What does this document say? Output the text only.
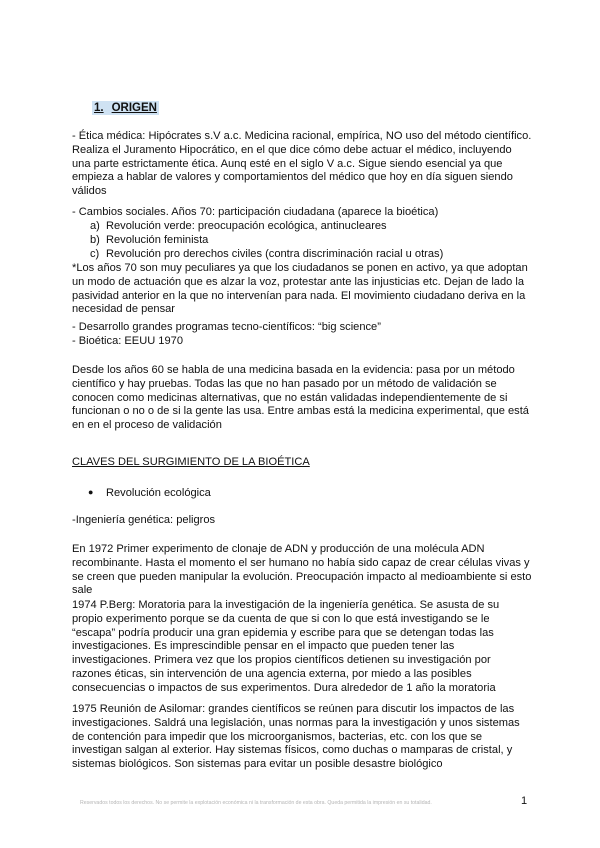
1. ORIGEN

- Ética médica: Hipócrates s.V a.c. Medicina racional, empírica, NO uso del método científico. Realiza el Juramento Hipocrático, en el que dice cómo debe actuar el médico, incluyendo una parte estrictamente ética. Aunq esté en el siglo V a.c. Sigue siendo esencial ya que empieza a hablar de valores y comportamientos del médico que hoy en día siguen siendo válidos

- Cambios sociales. Años 70: participación ciudadana (aparece la bioética)

a) Revolución verde: preocupación ecológica, antinucleares
b) Revolución feminista
c) Revolución pro derechos civiles (contra discriminación racial u otras)

*Los años 70 son muy peculiares ya que los ciudadanos se ponen en activo, ya que adoptan un modo de actuación que es alzar la voz, protestar ante las injusticias etc. Dejan de lado la pasividad anterior en la que no intervenían para nada. El movimiento ciudadano deriva en la necesidad de pensar

- Desarrollo grandes programas tecno-científicos: “big science”

- Bioética: EEUU 1970

Desde los años 60 se habla de una medicina basada en la evidencia: pasa por un método científico y hay pruebas. Todas las que no han pasado por un método de validación se conocen como medicinas alternativas, que no están validadas independientemente de si funcionan o no o de si la gente las usa. Entre ambas está la medicina experimental, que está en en el proceso de validación

CLAVES DEL SURGIMIENTO DE LA BIOÉTICA
● Revolución ecológica

-Ingeniería genética: peligros

En 1972 Primer experimento de clonaje de ADN y producción de una molécula ADN recombinante. Hasta el momento el ser humano no había sido capaz de crear células vivas y se creen que pueden manipular la evolución. Preocupación impacto al medioambiente si esto sale

1974 P.Berg: Moratoria para la investigación de la ingeniería genética. Se asusta de su propio experimento porque se da cuenta de que si con lo que está investigando se le “escapa” podría producir una gran epidemia y escribe para que se detengan todas las investigaciones. Es imprescindible pensar en el impacto que pueden tener las investigaciones. Primera vez que los propios científicos detienen su investigación por razones éticas, sin intervención de una agencia externa, por miedo a las posibles consecuencias o impactos de sus experimentos. Dura alrededor de 1 año la moratoria

1975 Reunión de Asilomar: grandes científicos se reúnen para discutir los impactos de las investigaciones. Saldrá una legislación, unas normas para la investigación y unos sistemas de contención para impedir que los microorganismos, bacterias, etc. con los que se investigan salgan al exterior. Hay sistemas físicos, como duchas o mamparas de cristal, y sistemas biológicos. Son sistemas para evitar un posible desastre biológico

Reservados todos los derechos. No se permite la explotación económica ni la transformación de esta obra. Queda permitida la impresión en su totalidad.	1
